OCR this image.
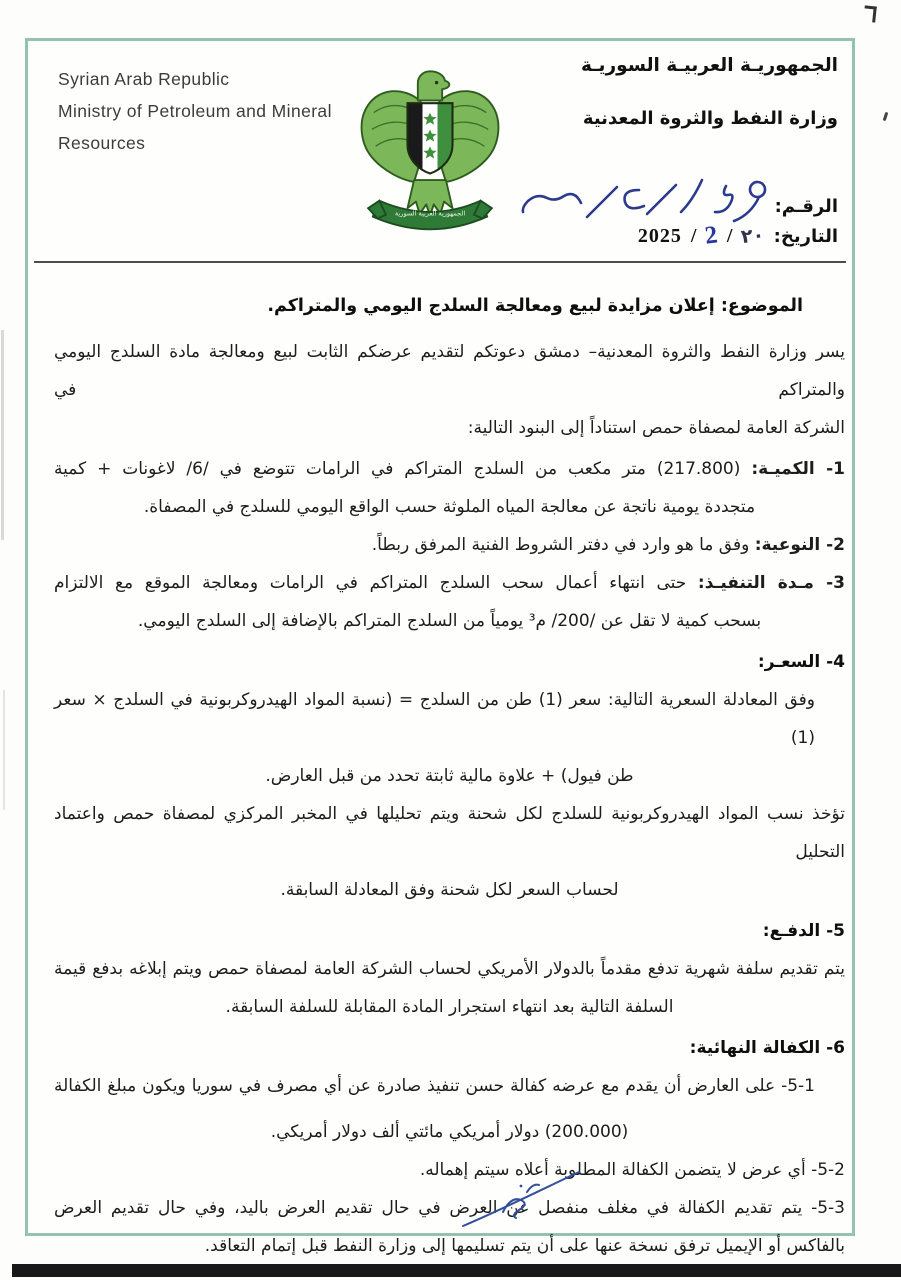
Syrian Arab Republic
Ministry of Petroleum and Mineral
Resources
الجمهورية العربية السورية
الجمهوريـة العربيـة السوريـة
وزارة النفط والثروة المعدنية
الرقـم:
التاريخ:
٢٠
/
2
/
2025

الموضوع: إعلان مزايدة لبيع ومعالجة السلدج اليومي والمتراكم.

يسر وزارة النفط والثروة المعدنية– دمشق دعوتكم لتقديم عرضكم الثابت لبيع ومعالجة مادة السلدج اليومي والمتراكم في

الشركة العامة لمصفاة حمص استناداً إلى البنود التالية:

1- الكميـة: (217.800) متر مكعب من السلدج المتراكم في الرامات تتوضع في /6/ لاغونات + كمية

متجددة يومية ناتجة عن معالجة المياه الملوثة حسب الواقع اليومي للسلدج في المصفاة.

2- النوعية: وفق ما هو وارد في دفتر الشروط الفنية المرفق ربطاً.

3- مـدة التنفيـذ: حتى انتهاء أعمال سحب السلدج المتراكم في الرامات ومعالجة الموقع مع الالتزام

بسحب كمية لا تقل عن /200/ م³ يومياً من السلدج المتراكم بالإضافة إلى السلدج اليومي.

4- السعـر:

وفق المعادلة السعرية التالية: سعر (1) طن من السلدج = (نسبة المواد الهيدروكربونية في السلدج × سعر (1)

طن فيول) + علاوة مالية ثابتة تحدد من قبل العارض.

تؤخذ نسب المواد الهيدروكربونية للسلدج لكل شحنة ويتم تحليلها في المخبر المركزي لمصفاة حمص واعتماد التحليل

لحساب السعر لكل شحنة وفق المعادلة السابقة.

5- الدفـع:

يتم تقديم سلفة شهرية تدفع مقدماً بالدولار الأمريكي لحساب الشركة العامة لمصفاة حمص ويتم إبلاغه بدفع قيمة

السلفة التالية بعد انتهاء استجرار المادة المقابلة للسلفة السابقة.

6- الكفالة النهائية:

5-1- على العارض أن يقدم مع عرضه كفالة حسن تنفيذ صادرة عن أي مصرف في سوريا ويكون مبلغ الكفالة

(200.000) دولار أمريكي مائتي ألف دولار أمريكي.

5-2- أي عرض لا يتضمن الكفالة المطلوبة أعلاه سيتم إهماله.

5-3- يتم تقديم الكفالة في مغلف منفصل عن العرض في حال تقديم العرض باليد، وفي حال تقديم العرض

بالفاكس أو الإيميل ترفق نسخة عنها على أن يتم تسليمها إلى وزارة النفط قبل إتمام التعاقد.
